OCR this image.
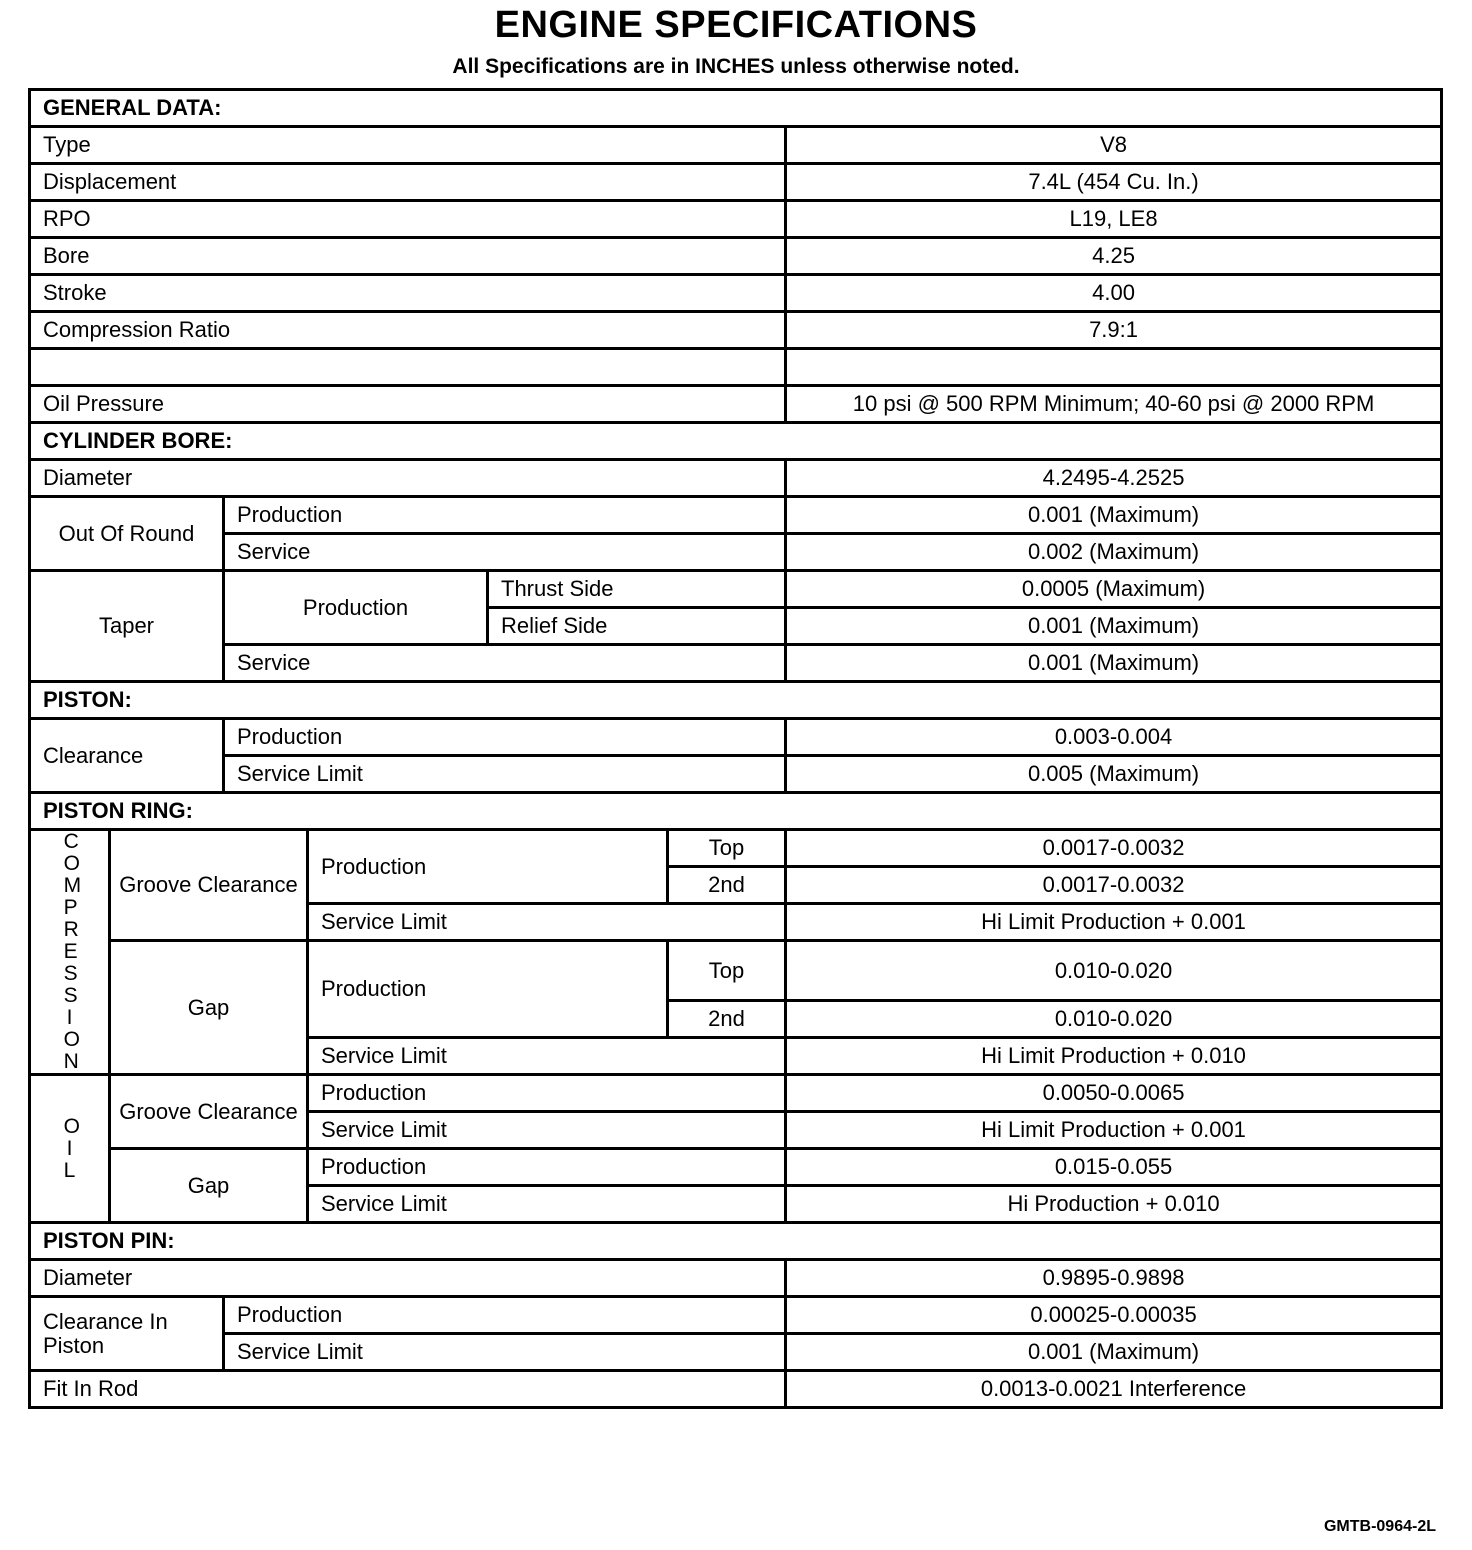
ENGINE SPECIFICATIONS
All Specifications are in INCHES unless otherwise noted.
GENERAL DATA:						
Type						V8
Displacement						7.4L (454 Cu. In.)
RPO						L19, LE8
Bore						4.25
Stroke						4.00
Compression Ratio						7.9:1

Oil Pressure						10 psi @ 500 RPM Minimum; 40-60 psi @ 2000 RPM
CYLINDER BORE:						
Diameter						4.2495-4.2525
Out Of Round		Production				0.001 (Maximum)
		Service				0.002 (Maximum)
Taper		Production		Thrust Side		0.0005 (Maximum)
				Relief Side		0.001 (Maximum)
		Service				0.001 (Maximum)
PISTON:						
Clearance		Production				0.003-0.004
		Service Limit				0.005 (Maximum)
PISTON RING:						

COMPRESSION	Groove Clearance		Production		Top	0.0017-0.0032
					2nd	0.0017-0.0032
			Service Limit			Hi Limit Production + 0.001
	Gap		Production		Top	0.010-0.020
					2nd	0.010-0.020
			Service Limit			Hi Limit Production + 0.010

OIL	Groove Clearance		Production			0.0050-0.0065
			Service Limit			Hi Limit Production + 0.001
	Gap		Production			0.015-0.055
			Service Limit			Hi Production + 0.010
PISTON PIN:						
Diameter						0.9895-0.9898
Clearance In Piston		Production				0.00025-0.00035
		Service Limit				0.001 (Maximum)
Fit In Rod						0.0013-0.0021 Interference
GMTB-0964-2L
